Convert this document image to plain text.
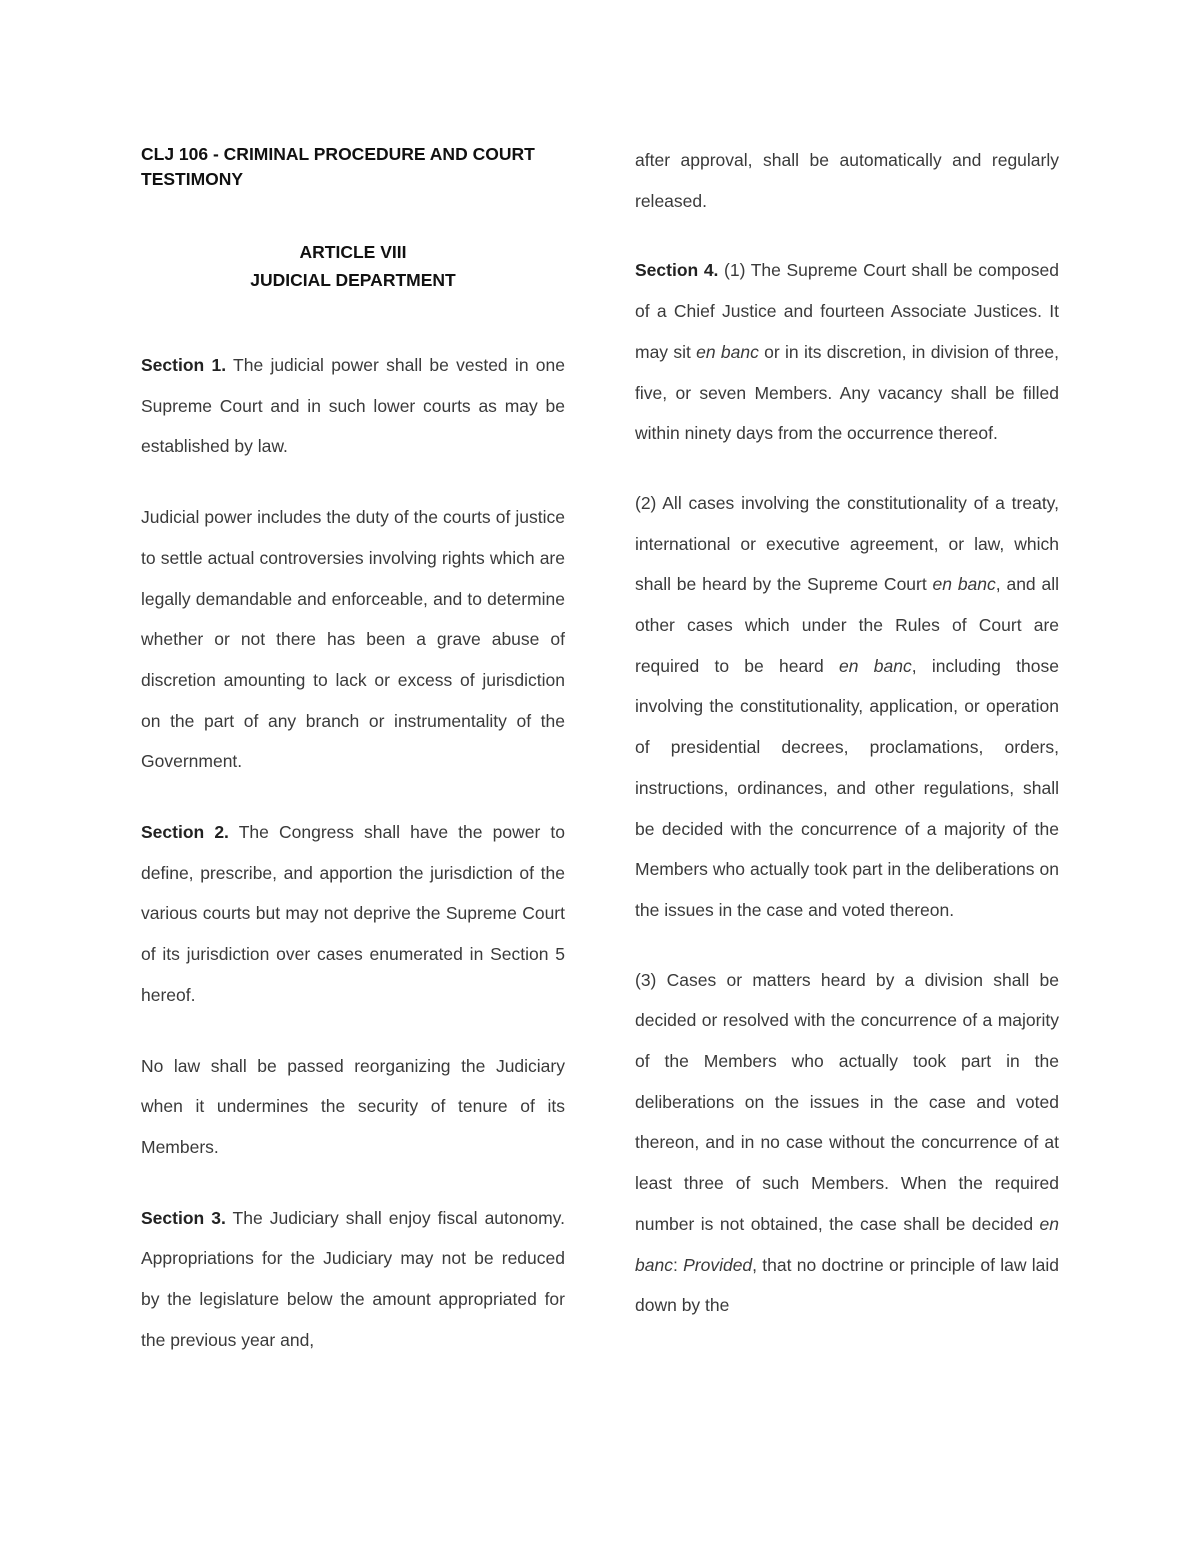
CLJ 106 - CRIMINAL PROCEDURE AND COURT TESTIMONY
ARTICLE VIII
JUDICIAL DEPARTMENT

Section 1. The judicial power shall be vested in one Supreme Court and in such lower courts as may be established by law.

Judicial power includes the duty of the courts of justice to settle actual controversies involving rights which are legally demandable and enforceable, and to determine whether or not there has been a grave abuse of discretion amounting to lack or excess of jurisdiction on the part of any branch or instrumentality of the Government.

Section 2. The Congress shall have the power to define, prescribe, and apportion the jurisdiction of the various courts but may not deprive the Supreme Court of its jurisdiction over cases enumerated in Section 5 hereof.

No law shall be passed reorganizing the Judiciary when it undermines the security of tenure of its Members.

Section 3. The Judiciary shall enjoy fiscal autonomy. Appropriations for the Judiciary may not be reduced by the legislature below the amount appropriated for the previous year and,

after approval, shall be automatically and regularly released.

Section 4. (1) The Supreme Court shall be composed of a Chief Justice and fourteen Associate Justices. It may sit en banc or in its discretion, in division of three, five, or seven Members. Any vacancy shall be filled within ninety days from the occurrence thereof.

(2) All cases involving the constitutionality of a treaty, international or executive agreement, or law, which shall be heard by the Supreme Court en banc, and all other cases which under the Rules of Court are required to be heard en banc, including those involving the constitutionality, application, or operation of presidential decrees, proclamations, orders, instructions, ordinances, and other regulations, shall be decided with the concurrence of a majority of the Members who actually took part in the deliberations on the issues in the case and voted thereon.

(3) Cases or matters heard by a division shall be decided or resolved with the concurrence of a majority of the Members who actually took part in the deliberations on the issues in the case and voted thereon, and in no case without the concurrence of at least three of such Members. When the required number is not obtained, the case shall be decided en banc: Provided, that no doctrine or principle of law laid down by the
